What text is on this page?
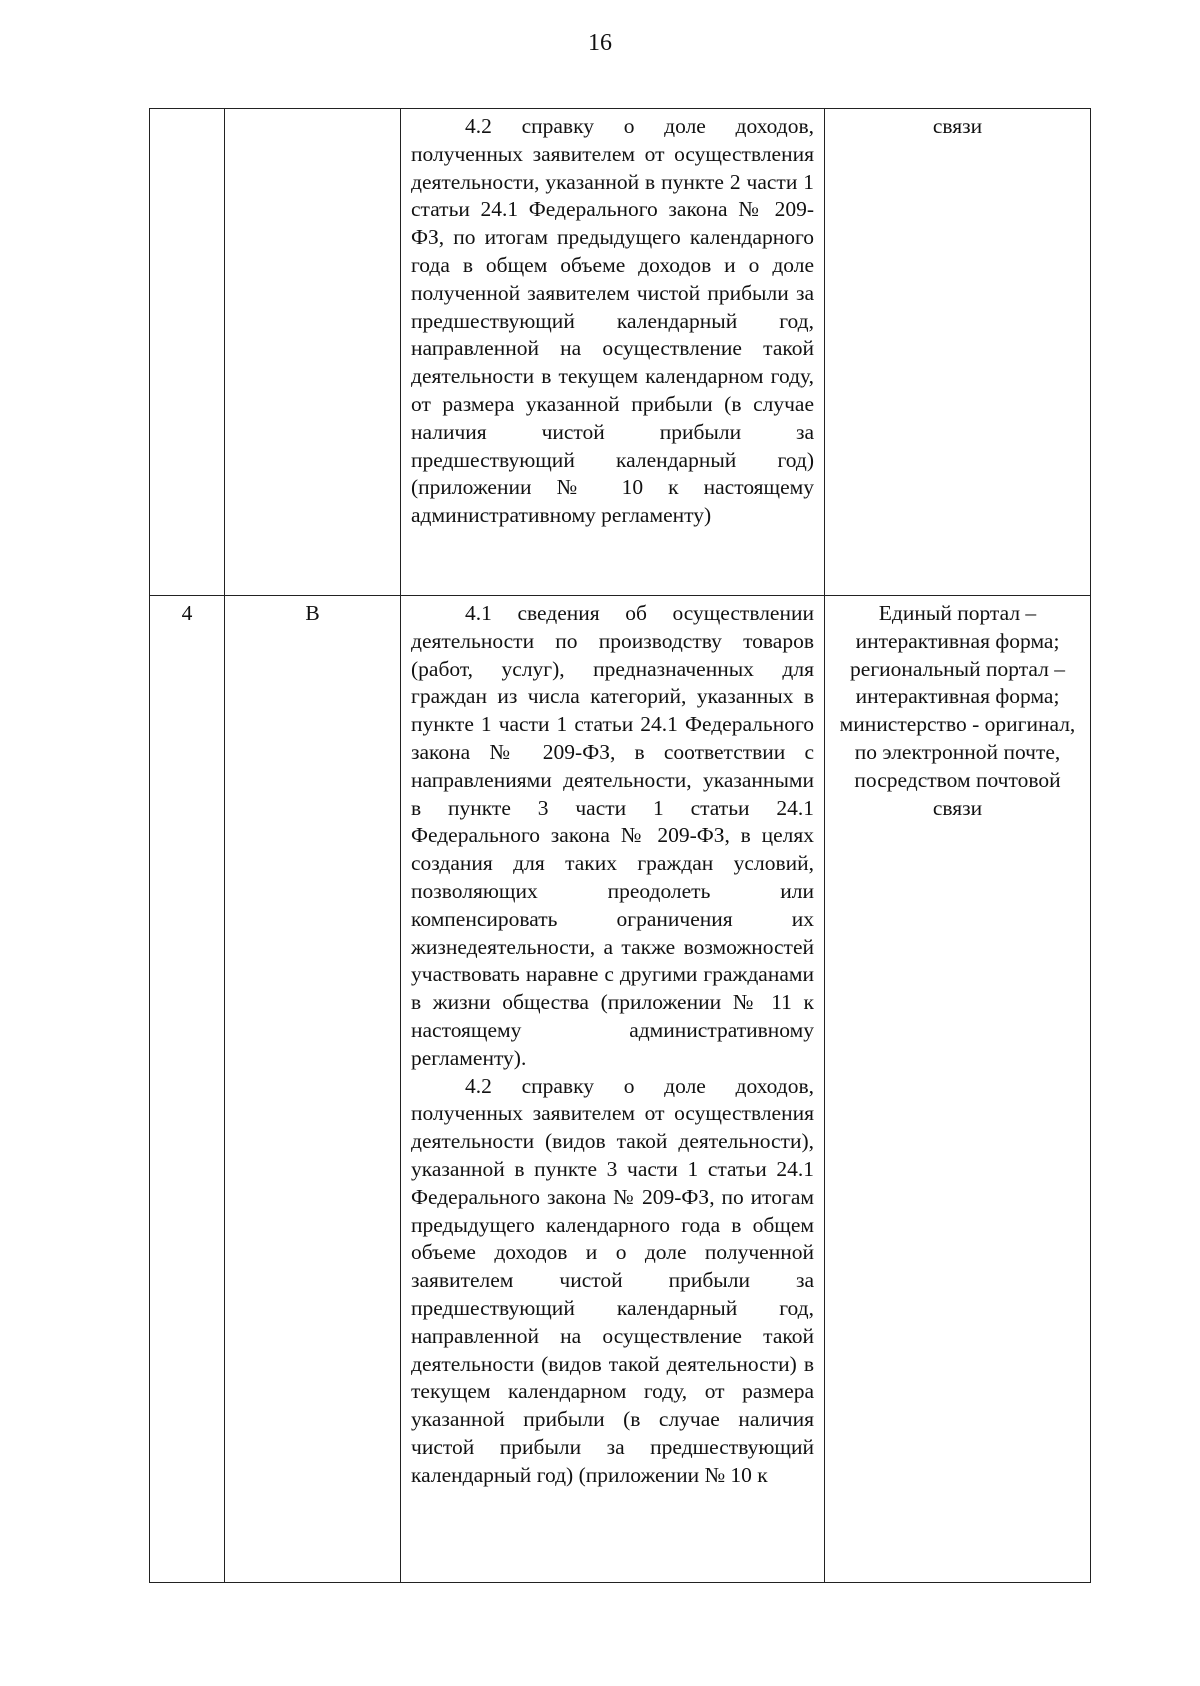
16

		4.2 справку о доле доходов, полученных заявителем от осуществления деятельности, указанной в пункте 2 части 1 статьи 24.1 Федерального закона № 209-ФЗ, по итогам предыдущего календарного года в общем объеме доходов и о доле полученной заявителем чистой прибыли за предшествующий календарный год, направленной на осуществление такой деятельности в текущем календарном году, от размера указанной прибыли (в случае наличия чистой прибыли за предшествующий календарный год) (приложении № 10 к настоящему административному регламенту)	связи
4	В	4.1 сведения об осуществлении деятельности по производству товаров (работ, услуг), предназначенных для граждан из числа категорий, указанных в пункте 1 части 1 статьи 24.1 Федерального закона № 209-ФЗ, в соответствии с направлениями деятельности, указанными в пункте 3 части 1 статьи 24.1 Федерального закона № 209-ФЗ, в целях создания для таких граждан условий, позволяющих преодолеть или компенсировать ограничения их жизнедеятельности, а также возможностей участвовать наравне с другими гражданами в жизни общества (приложении № 11 к настоящему административному регламенту).
4.2 справку о доле доходов, полученных заявителем от осуществления деятельности (видов такой деятельности), указанной в пункте 3 части 1 статьи 24.1 Федерального закона № 209-ФЗ, по итогам предыдущего календарного года в общем объеме доходов и о доле полученной заявителем чистой прибыли за предшествующий календарный год, направленной на осуществление такой деятельности (видов такой деятельности) в текущем календарном году, от размера указанной прибыли (в случае наличия чистой прибыли за предшествующий календарный год) (приложении № 10 к	Единый портал – интерактивная форма; региональный портал – интерактивная форма; министерство - оригинал, по электронной почте, посредством почтовой связи
